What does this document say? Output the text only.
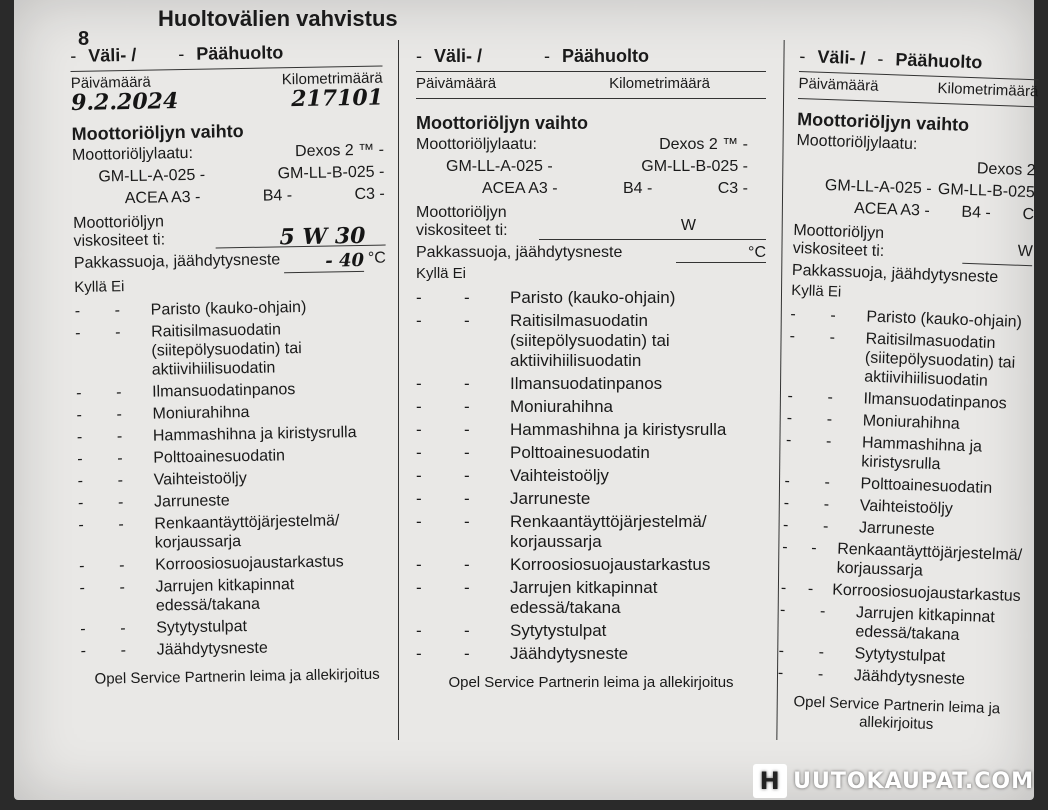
8
Huoltovälien vahvistus
- Väli- / - Päähuolto
Päivämäärä	Kilometrimäärä
9.2.2024	217101
Moottoriöljyn vaihto
Moottoriöljylaatu:	Dexos 2 ™ -
GM-LL-A-025 -	GM-LL-B-025 -
ACEA A3 -	B4 -	C3 -
Moottoriöljyn viskositeet ti:	5 W 30
Pakkassuoja, jäähdytysneste	- 40 °C
Kyllä Ei
-	-	Paristo (kauko-ohjain)
-	-	Raitisilmasuodatin (siitepölysuodatin) tai aktiivihiilisuodatin
-	-	Ilmansuodatinpanos
-	-	Moniurahihna
-	-	Hammashihna ja kiristysrulla
-	-	Polttoainesuodatin
-	-	Vaihteistoöljy
-	-	Jarruneste
-	-	Renkaantäyttöjärjestelmä/ korjaussarja
-	-	Korroosiosuojaustarkastus
-	-	Jarrujen kitkapinnat edessä/takana
-	-	Sytytystulpat
-	-	Jäähdytysneste
Opel Service Partnerin leima ja allekirjoitus
- Väli- /	- Päähuolto
Päivämäärä	Kilometrimäärä
Moottoriöljyn vaihto
Moottoriöljylaatu:	Dexos 2 ™ -
GM-LL-A-025 -	GM-LL-B-025 -
ACEA A3 -	B4 -	C3 -
Moottoriöljyn viskositeet ti:	W
Pakkassuoja, jäähdytysneste	°C
Kyllä Ei
-	-	Paristo (kauko-ohjain)
-	-	Raitisilmasuodatin (siitepölysuodatin) tai aktiivihiilisuodatin
-	-	Ilmansuodatinpanos
-	-	Moniurahihna
-	-	Hammashihna ja kiristysrulla
-	-	Polttoainesuodatin
-	-	Vaihteistoöljy
-	-	Jarruneste
-	-	Renkaantäyttöjärjestelmä/ korjaussarja
-	-	Korroosiosuojaustarkastus
-	-	Jarrujen kitkapinnat edessä/takana
-	-	Sytytystulpat
-	-	Jäähdytysneste
Opel Service Partnerin leima ja allekirjoitus
- Väli- / - Päähuolto
Päivämäärä	Kilometrimäärä
Moottoriöljyn vaihto
Moottoriöljylaatu:
Dexos 2
GM-LL-A-025 - GM-LL-B-025
ACEA A3 - B4 - C
Moottoriöljyn viskositeet ti:	W
Pakkassuoja, jäähdytysneste
Kyllä Ei
-	-	Paristo (kauko-ohjain)
-	-	Raitisilmasuodatin (siitepölysuodatin) tai aktiivihiilisuodatin
-	-	Ilmansuodatinpanos
-	-	Moniurahihna
-	-	Hammashihna ja kiristysrulla
-	-	Polttoainesuodatin
-	-	Vaihteistoöljy
-	-	Jarruneste
-	-	Renkaantäyttöjärjestelmä/ korjaussarja
-	-	Korroosiosuojaustarkastus
-	-	Jarrujen kitkapinnat edessä/takana
-	-	Sytytystulpat
-	-	Jäähdytysneste
Opel Service Partnerin leima ja allekirjoitus
H UUTOKAUPAT.COM
